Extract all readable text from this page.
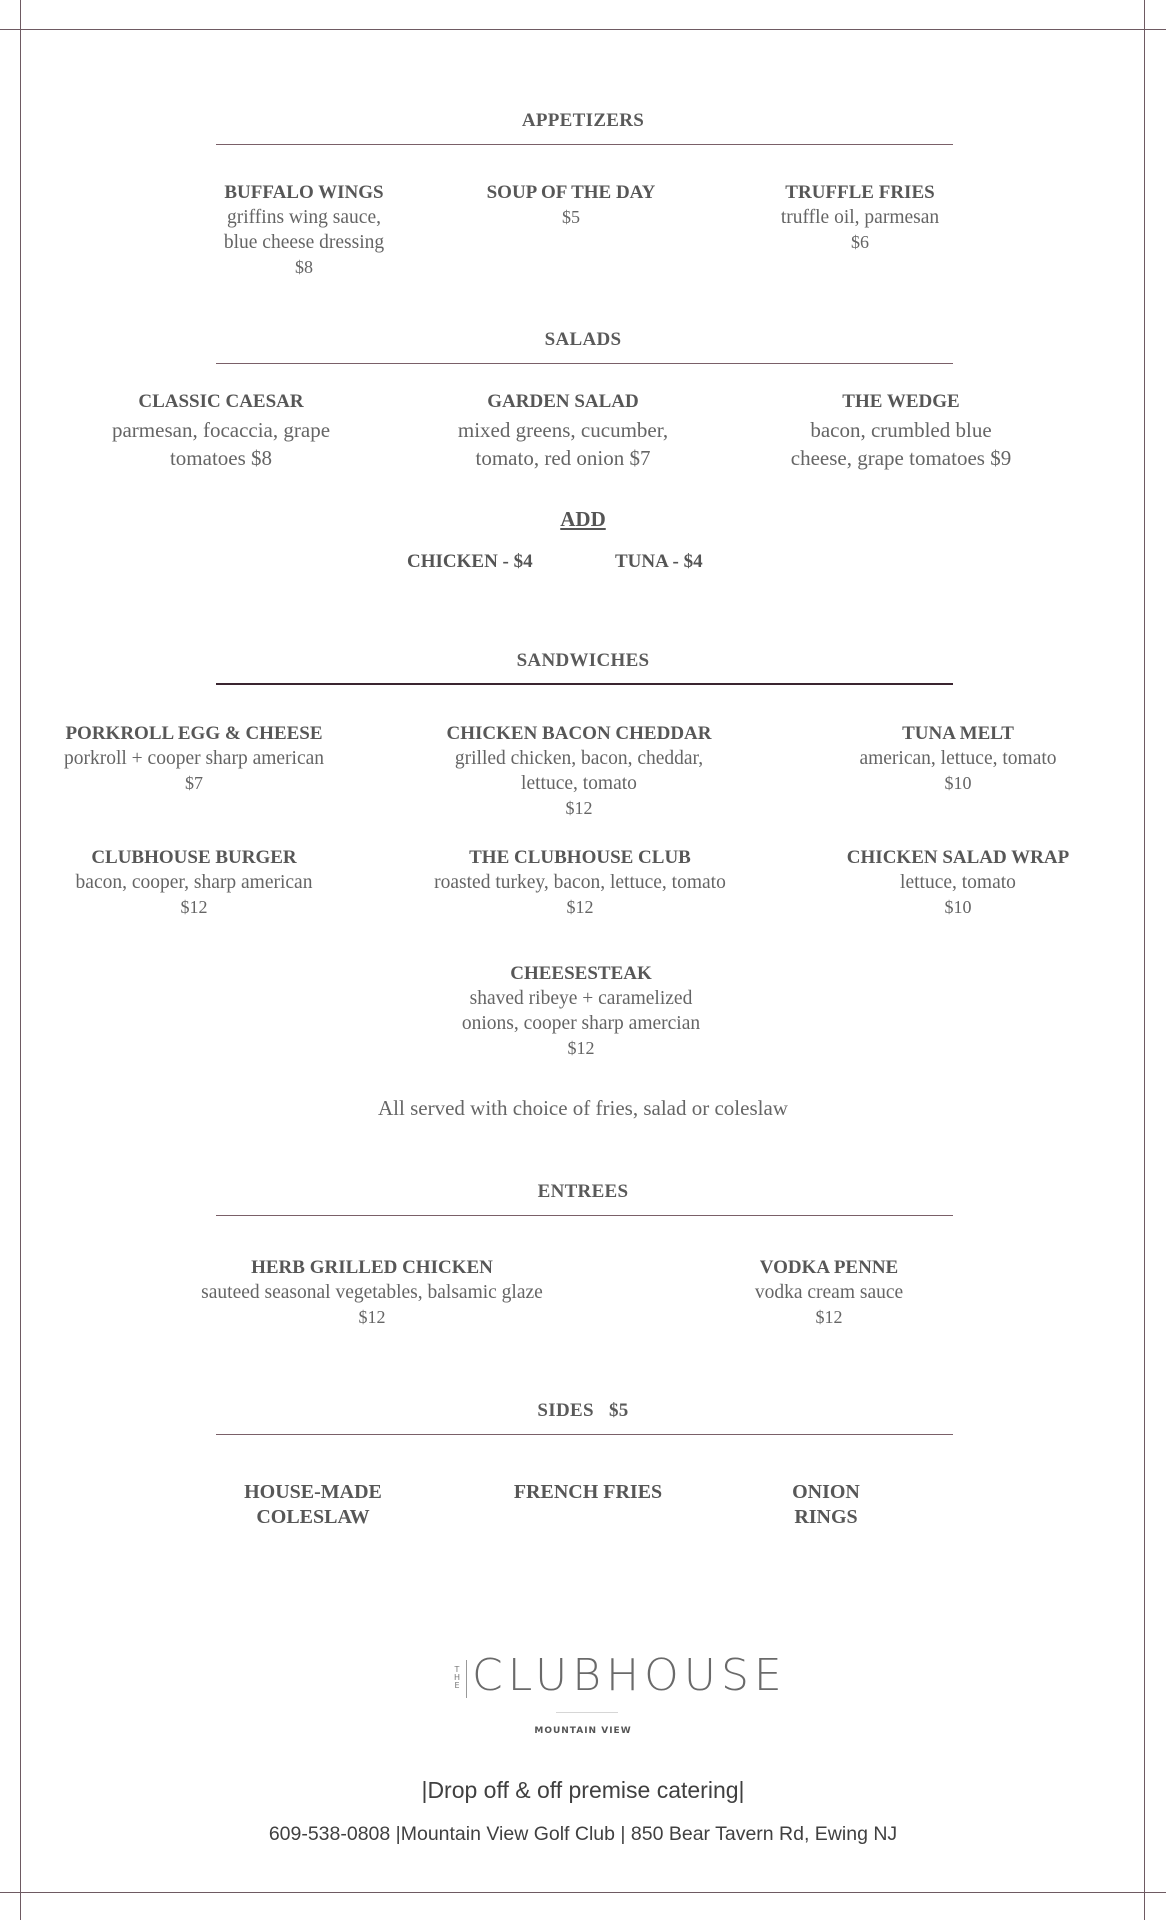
APPETIZERS
BUFFALO WINGS
griffins wing sauce,
blue cheese dressing
$8
SOUP OF THE DAY
$5
TRUFFLE FRIES
truffle oil, parmesan
$6
SALADS
CLASSIC CAESAR
parmesan, focaccia, grape
tomatoes $8
GARDEN SALAD
mixed greens, cucumber,
tomato, red onion $7
THE WEDGE
bacon, crumbled blue
cheese, grape tomatoes $9
ADD
CHICKEN - $4	TUNA - $4
SANDWICHES
PORKROLL EGG & CHEESE
porkroll + cooper sharp american
$7
CHICKEN BACON CHEDDAR
grilled chicken, bacon, cheddar,
lettuce, tomato
$12
TUNA MELT
american, lettuce, tomato
$10
CLUBHOUSE BURGER
bacon, cooper, sharp american
$12
THE CLUBHOUSE CLUB
roasted turkey, bacon, lettuce, tomato
$12
CHICKEN SALAD WRAP
lettuce, tomato
$10
CHEESESTEAK
shaved ribeye + caramelized
onions, cooper sharp amercian
$12
All served with choice of fries, salad or coleslaw
ENTREES
HERB GRILLED CHICKEN
sauteed seasonal vegetables, balsamic glaze
$12
VODKA PENNE
vodka cream sauce
$12
SIDES   $5
HOUSE-MADE
COLESLAW
FRENCH FRIES	ONION
RINGS
T
H
E CLUBHOUSE
MOUNTAIN VIEW
|Drop off & off premise catering|
609-538-0808 |Mountain View Golf Club | 850 Bear Tavern Rd, Ewing NJ
